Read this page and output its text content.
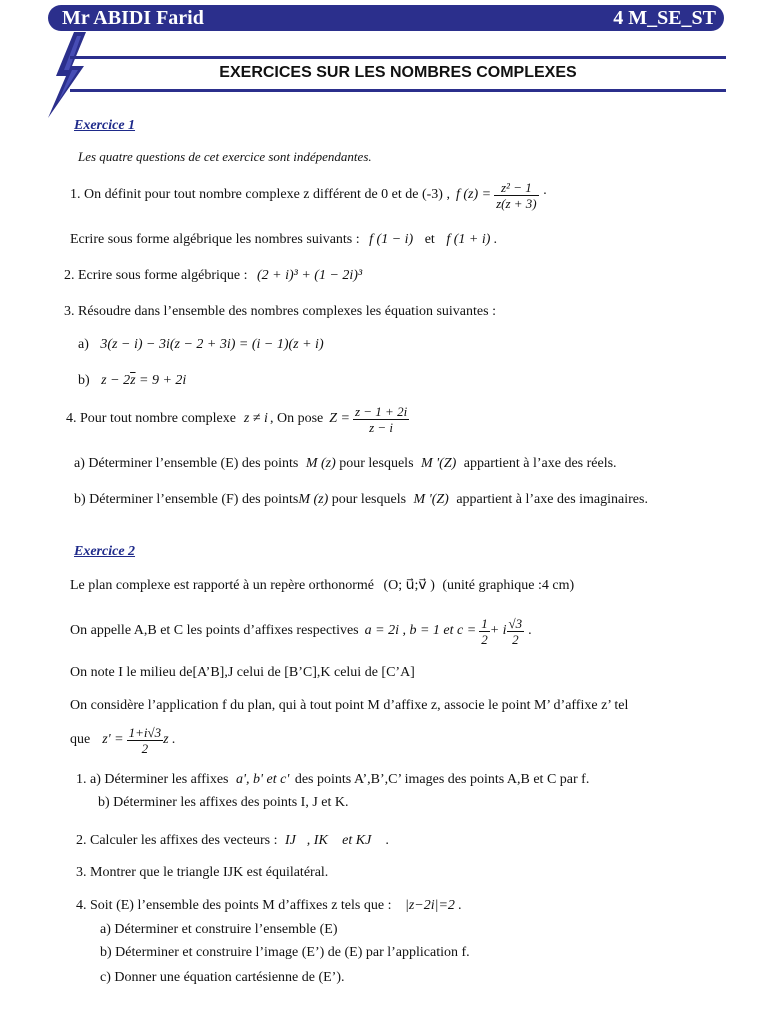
Mr ABIDI Farid	4 M_SE_ST
EXERCICES SUR LES NOMBRES COMPLEXES
Exercice 1
Les quatre questions de cet exercice sont indépendantes.
1. On définit pour tout nombre complexe z différent de 0 et de (-3) , f $(z) = \frac{\text{z² − 1}}{z(z + 3)}$ ·
Ecrire sous forme algébrique les nombres suivants : f (1 − i) et f (1 + i) .
2. Ecrire sous forme algébrique : (2 + i)³ + (1 − 2i)³
3. Résoudre dans l’ensemble des nombres complexes les équation suivantes :
a) 3(z − i) − 3i(z − 2 + 3i) = (i − 1)(z + i)
b) $z - 2\overline{z} = 9 + 2i$
4. Pour tout nombre complexe z ≠ i , On pose $Z = \frac{z - 1 + 2i}{z - i}$
a) Déterminer l’ensemble (E) des points M (z) pour lesquels M '(Z) appartient à l’axe des réels.
b) Déterminer l’ensemble (F) des pointsM (z) pour lesquels M '(Z) appartient à l’axe des imaginaires.
Exercice 2
Le plan complexe est rapporté à un repère orthonormé (O; u⃗;v⃗ ) (unité graphique :4 cm)
On appelle A,B et C les points d’affixes respectives a = 2i , b = 1 et $c = \frac{1}{2} + i \frac{√3}{2}$ .
On note I le milieu de[A’B],J celui de [B’C],K celui de [C’A]
On considère l’application f du plan, qui à tout point M d’affixe z, associe le point M’ d’affixe z’ tel
que $z' = \frac{1+i√3}{2}$ z .
1. a) Déterminer les affixes a', b' et c' des points A’,B’,C’ images des points A,B et C par f.
b) Déterminer les affixes des points I, J et K.
2. Calculer les affixes des vecteurs : IJ⃗, IK⃗ et KJ⃗ .
3. Montrer que le triangle IJK est équilatéral.
4. Soit (E) l’ensemble des points M d’affixes z tels que : |z−2i|=2 .
a) Déterminer et construire l’ensemble (E)
b) Déterminer et construire l’image (E’) de (E) par l’application f.
c) Donner une équation cartésienne de (E’).
